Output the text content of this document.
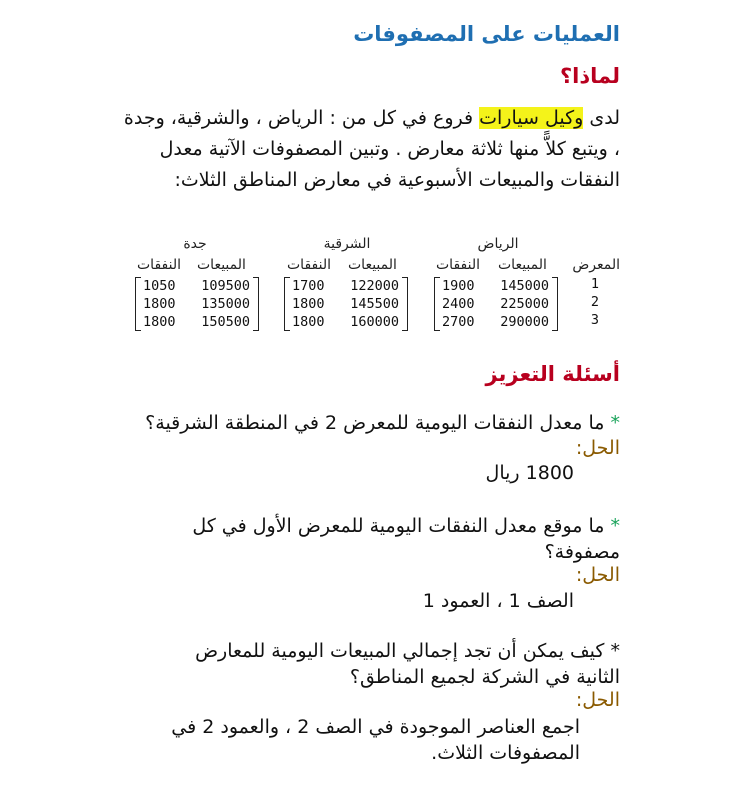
العمليات على المصفوفات
لماذا؟
لدى وكيل سيارات فروع في كل من : الرياض ، والشرقية، وجدة ، ويتبع كلاًّ منها ثلاثة معارض . وتبين المصفوفات الآتية معدل النفقات والمبيعات الأسبوعية في معارض المناطق الثلاث:
المعرض
1
2
3
الرياض
المبيعات
النفقات
1900 145000
2400 225000
2700 290000
الشرقية
المبيعات
النفقات
1700 122000
1800 145500
1800 160000
جدة
المبيعات
النفقات
1050 109500
1800 135000
1800 150500
أسئلة التعزيز
* ما معدل النفقات اليومية للمعرض 2 في المنطقة الشرقية؟
الحل:
1800 ريال
* ما موقع معدل النفقات اليومية للمعرض الأول في كل مصفوفة؟
الحل:
الصف 1 ، العمود 1
* كيف يمكن أن تجد إجمالي المبيعات اليومية للمعارض الثانية في الشركة لجميع المناطق؟
الحل:
اجمع العناصر الموجودة في الصف 2 ، والعمود 2 في المصفوفات الثلاث.
